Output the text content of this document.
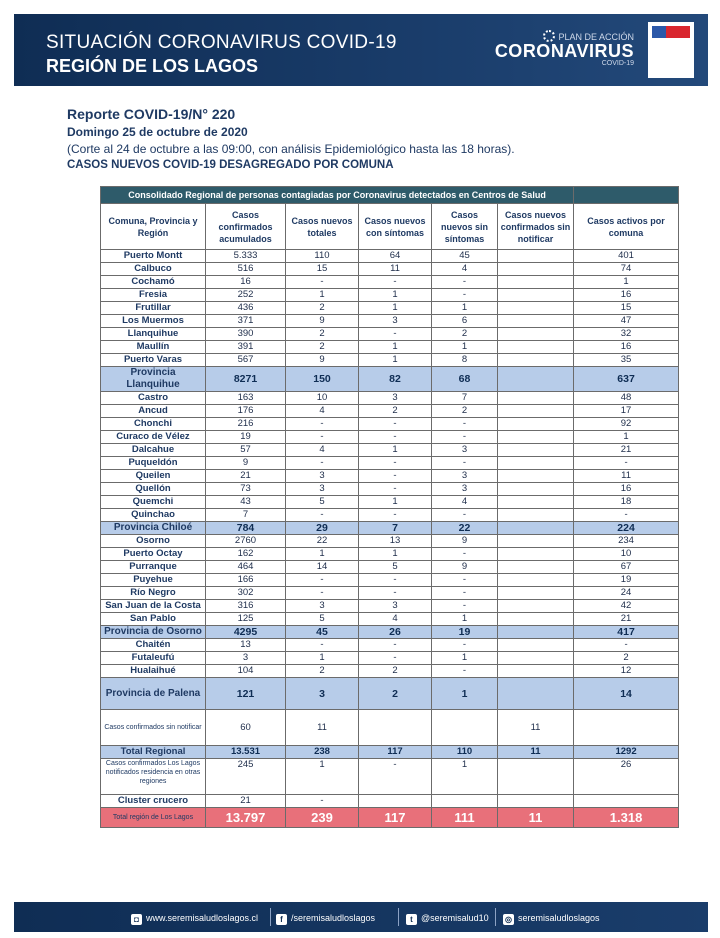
SITUACIÓN CORONAVIRUS COVID-19
REGIÓN DE LOS LAGOS
PLAN DE ACCIÓN
CORONAVIRUS
COVID-19

Reporte COVID-19/N° 220
Domingo 25 de octubre de 2020
(Corte al 24 de octubre a las 09:00, con análisis Epidemiológico hasta las 18 horas).
CASOS NUEVOS COVID-19 DESAGREGADO POR COMUNA
Consolidado Regional de personas contagiadas por Coronavirus detectados en Centros de Salud						
Comuna, Provincia y Región	Casos confirmados acumulados	Casos nuevos totales	Casos nuevos con síntomas	Casos nuevos sin síntomas	Casos nuevos confirmados sin notificar	Casos activos por comuna
Puerto Montt	5.333	110	64	45		401
Calbuco	516	15	11	4		74
Cochamó	16	-	-	-		1
Fresia	252	1	1	-		16
Frutillar	436	2	1	1		15
Los Muermos	371	9	3	6		47
Llanquihue	390	2	-	2		32
Maullín	391	2	1	1		16
Puerto Varas	567	9	1	8		35
Provincia Llanquihue	8271	150	82	68		637
Castro	163	10	3	7		48
Ancud	176	4	2	2		17
Chonchi	216	-	-	-		92
Curaco de Vélez	19	-	-	-		1
Dalcahue	57	4	1	3		21
Puqueldón	9	-	-	-		-
Queilen	21	3	-	3		11
Quellón	73	3	-	3		16
Quemchi	43	5	1	4		18
Quinchao	7	-	-	-		-
Provincia Chiloé	784	29	7	22		224
Osorno	2760	22	13	9		234
Puerto Octay	162	1	1	-		10
Purranque	464	14	5	9		67
Puyehue	166	-	-	-		19
Río Negro	302	-	-	-		24
San Juan de la Costa	316	3	3	-		42
San Pablo	125	5	4	1		21
Provincia de Osorno	4295	45	26	19		417
Chaitén	13	-	-	-		-
Futaleufú	3	1	-	1		2
Hualaihué	104	2	2	-		12
Provincia de Palena	121	3	2	1		14
Casos confirmados sin notificar	60	11			11	
Total Regional	13.531	238	117	110	11	1292
Casos confirmados Los Lagos notificados residencia en otras regiones	245	1	-	1		26
Cluster crucero	21	-				
Total región de Los Lagos	13.797	239	117	111	11	1.318
◘ www.seremisaludloslagos.cl	f /seremisaludloslagos	t @seremisalud10 ◎ seremisaludloslagos
